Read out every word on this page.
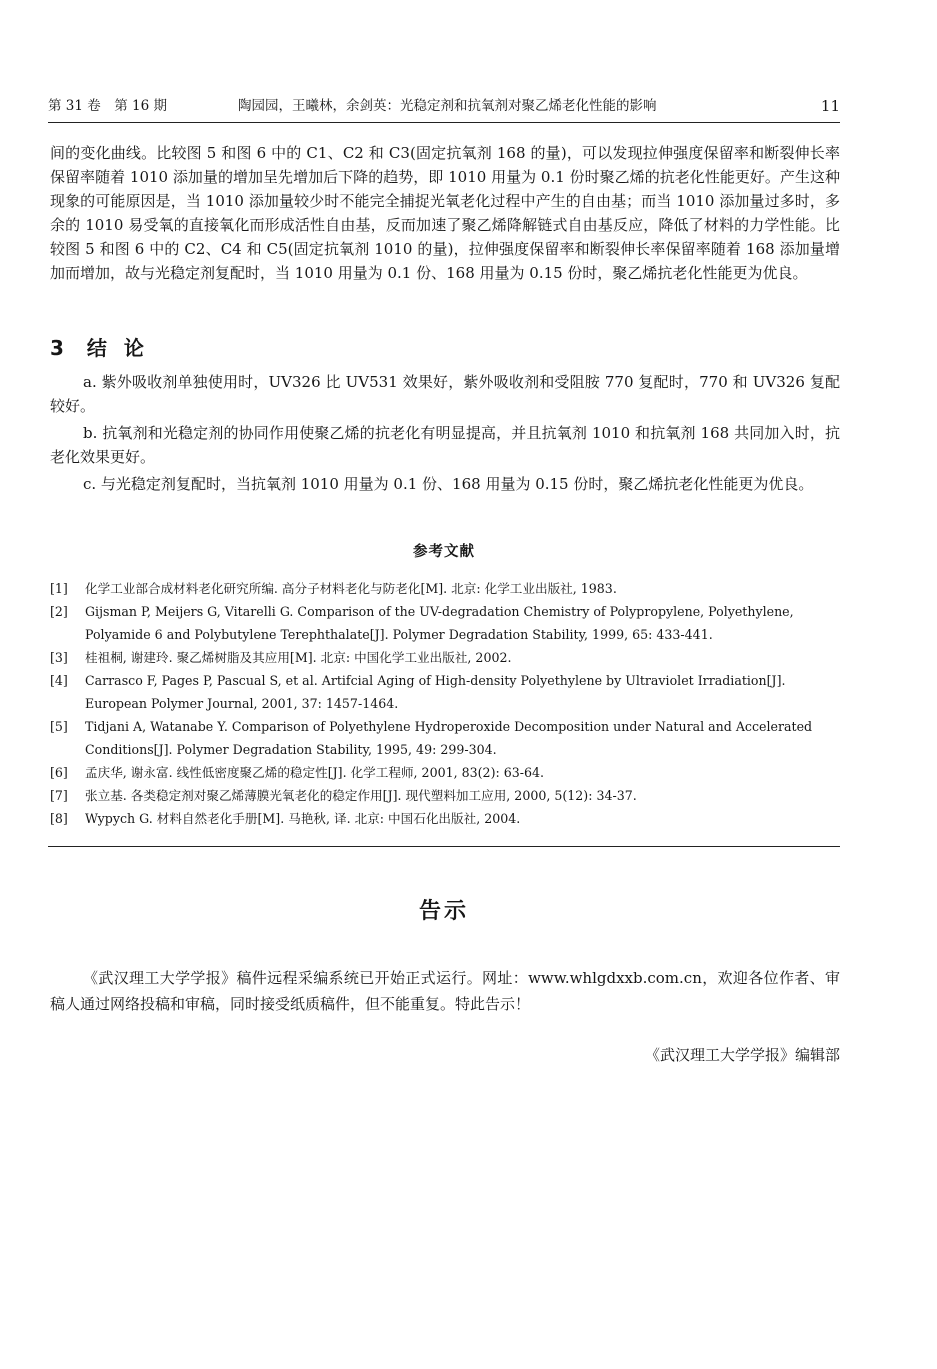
第 31 卷　第 16 期	陶园园，王曦林，余剑英：光稳定剂和抗氧剂对聚乙烯老化性能的影响	11

间的变化曲线。比较图 5 和图 6 中的 C1、C2 和 C3(固定抗氧剂 168 的量)，可以发现拉伸强度保留率和断裂伸长率保留率随着 1010 添加量的增加呈先增加后下降的趋势，即 1010 用量为 0.1 份时聚乙烯的抗老化性能更好。产生这种现象的可能原因是，当 1010 添加量较少时不能完全捕捉光氧老化过程中产生的自由基；而当 1010 添加量过多时，多余的 1010 易受氧的直接氧化而形成活性自由基，反而加速了聚乙烯降解链式自由基反应，降低了材料的力学性能。比较图 5 和图 6 中的 C2、C4 和 C5(固定抗氧剂 1010 的量)，拉伸强度保留率和断裂伸长率保留率随着 168 添加量增加而增加，故与光稳定剂复配时，当 1010 用量为 0.1 份、168 用量为 0.15 份时，聚乙烯抗老化性能更为优良。

3 结 论

a. 紫外吸收剂单独使用时，UV326 比 UV531 效果好，紫外吸收剂和受阻胺 770 复配时，770 和 UV326 复配较好。

b. 抗氧剂和光稳定剂的协同作用使聚乙烯的抗老化有明显提高，并且抗氧剂 1010 和抗氧剂 168 共同加入时，抗老化效果更好。

c. 与光稳定剂复配时，当抗氧剂 1010 用量为 0.1 份、168 用量为 0.15 份时，聚乙烯抗老化性能更为优良。

参考文献
[1] 化学工业部合成材料老化研究所编. 高分子材料老化与防老化[M]. 北京: 化学工业出版社, 1983.
[2] Gijsman P, Meijers G, Vitarelli G. Comparison of the UV-degradation Chemistry of Polypropylene, Polyethylene, Polyamide 6 and Polybutylene Terephthalate[J]. Polymer Degradation Stability, 1999, 65: 433-441.
[3] 桂祖桐, 谢建玲. 聚乙烯树脂及其应用[M]. 北京: 中国化学工业出版社, 2002.
[4] Carrasco F, Pages P, Pascual S, et al. Artifcial Aging of High-density Polyethylene by Ultraviolet Irradiation[J]. European Polymer Journal, 2001, 37: 1457-1464.
[5] Tidjani A, Watanabe Y. Comparison of Polyethylene Hydroperoxide Decomposition under Natural and Accelerated Conditions[J]. Polymer Degradation Stability, 1995, 49: 299-304.
[6] 孟庆华, 谢永富. 线性低密度聚乙烯的稳定性[J]. 化学工程师, 2001, 83(2): 63-64.
[7] 张立基. 各类稳定剂对聚乙烯薄膜光氧老化的稳定作用[J]. 现代塑料加工应用, 2000, 5(12): 34-37.
[8] Wypych G. 材料自然老化手册[M]. 马艳秋, 译. 北京: 中国石化出版社, 2004.
告示

《武汉理工大学学报》稿件远程采编系统已开始正式运行。网址：www.whlgdxxb.com.cn，欢迎各位作者、审稿人通过网络投稿和审稿，同时接受纸质稿件，但不能重复。特此告示！

《武汉理工大学学报》编辑部
